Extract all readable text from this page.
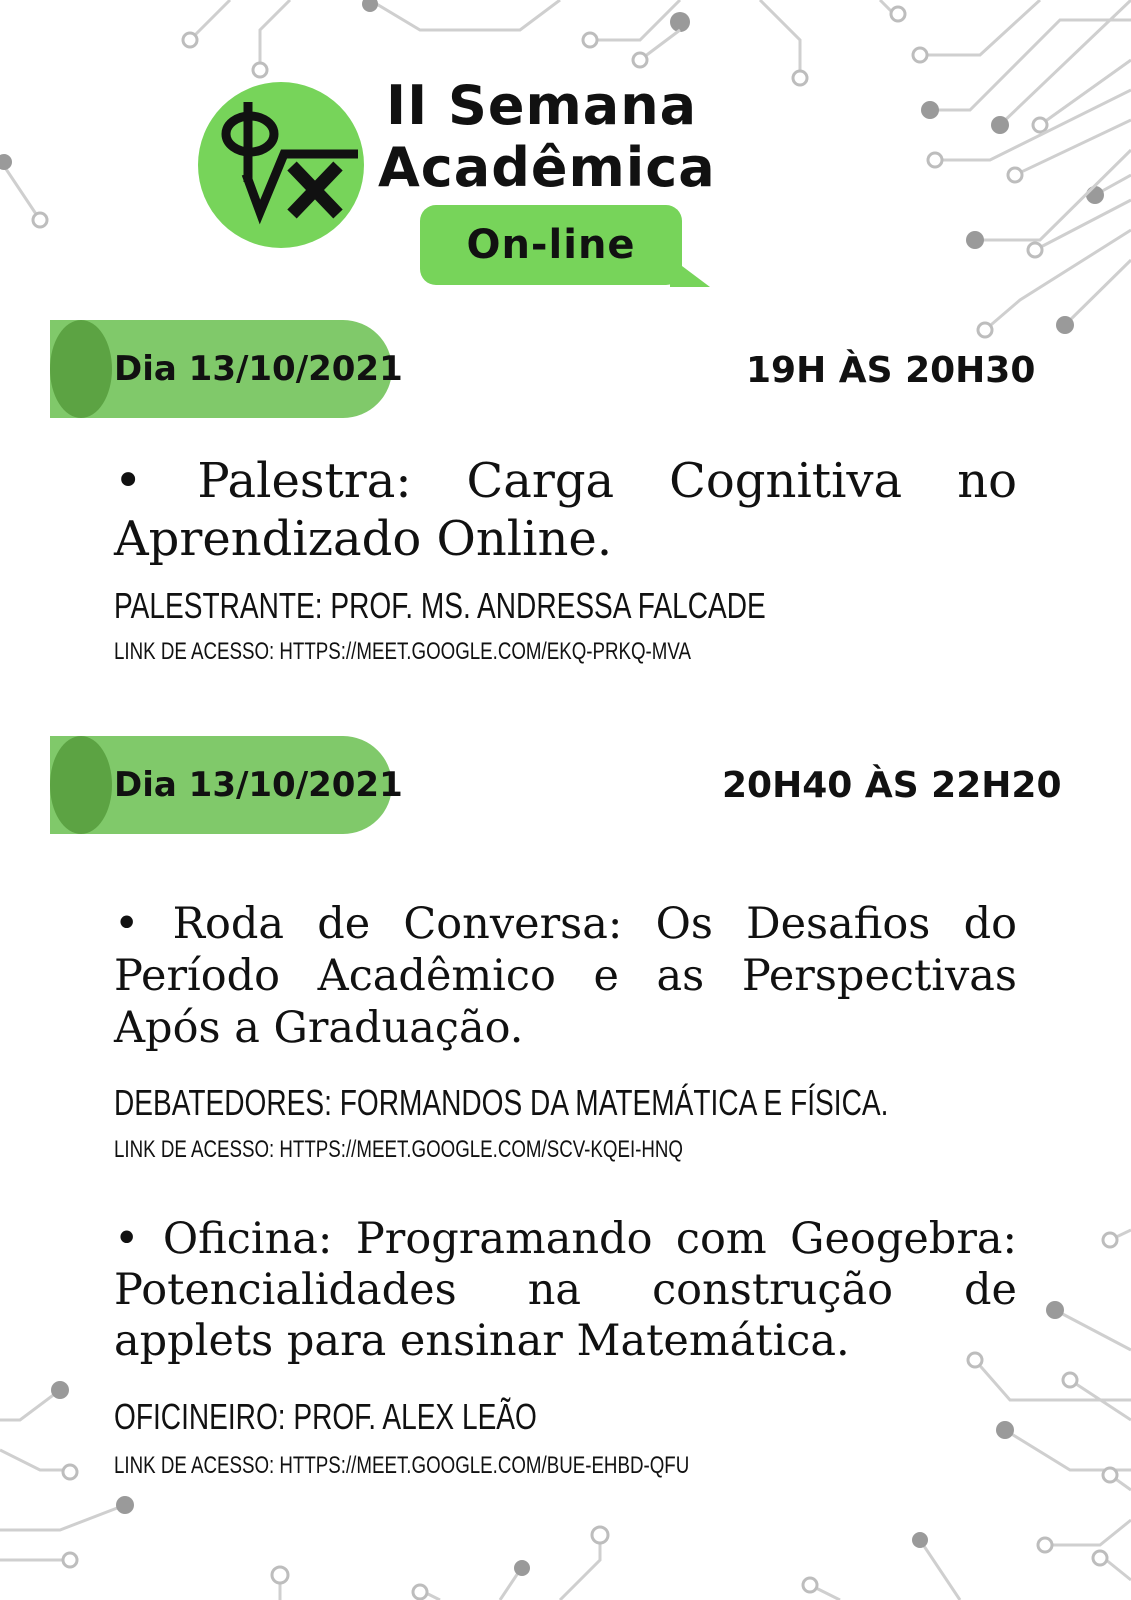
II Semana
Acadêmica
On-line
Dia 13/10/2021	19H ÀS 20H30
• Palestra: Carga Cognitiva no Aprendizado Online.
PALESTRANTE: PROF. MS. ANDRESSA FALCADE
LINK DE ACESSO: HTTPS://MEET.GOOGLE.COM/EKQ-PRKQ-MVA
Dia 13/10/2021	20H40 ÀS 22H20
• Roda de Conversa: Os Desafios do Período Acadêmico e as Perspectivas Após a Graduação.
DEBATEDORES: FORMANDOS DA MATEMÁTICA E FÍSICA.
LINK DE ACESSO: HTTPS://MEET.GOOGLE.COM/SCV-KQEI-HNQ
• Oficina: Programando com Geogebra: Potencialidades na construção de applets para ensinar Matemática.
OFICINEIRO: PROF. ALEX LEÃO
LINK DE ACESSO: HTTPS://MEET.GOOGLE.COM/BUE-EHBD-QFU
